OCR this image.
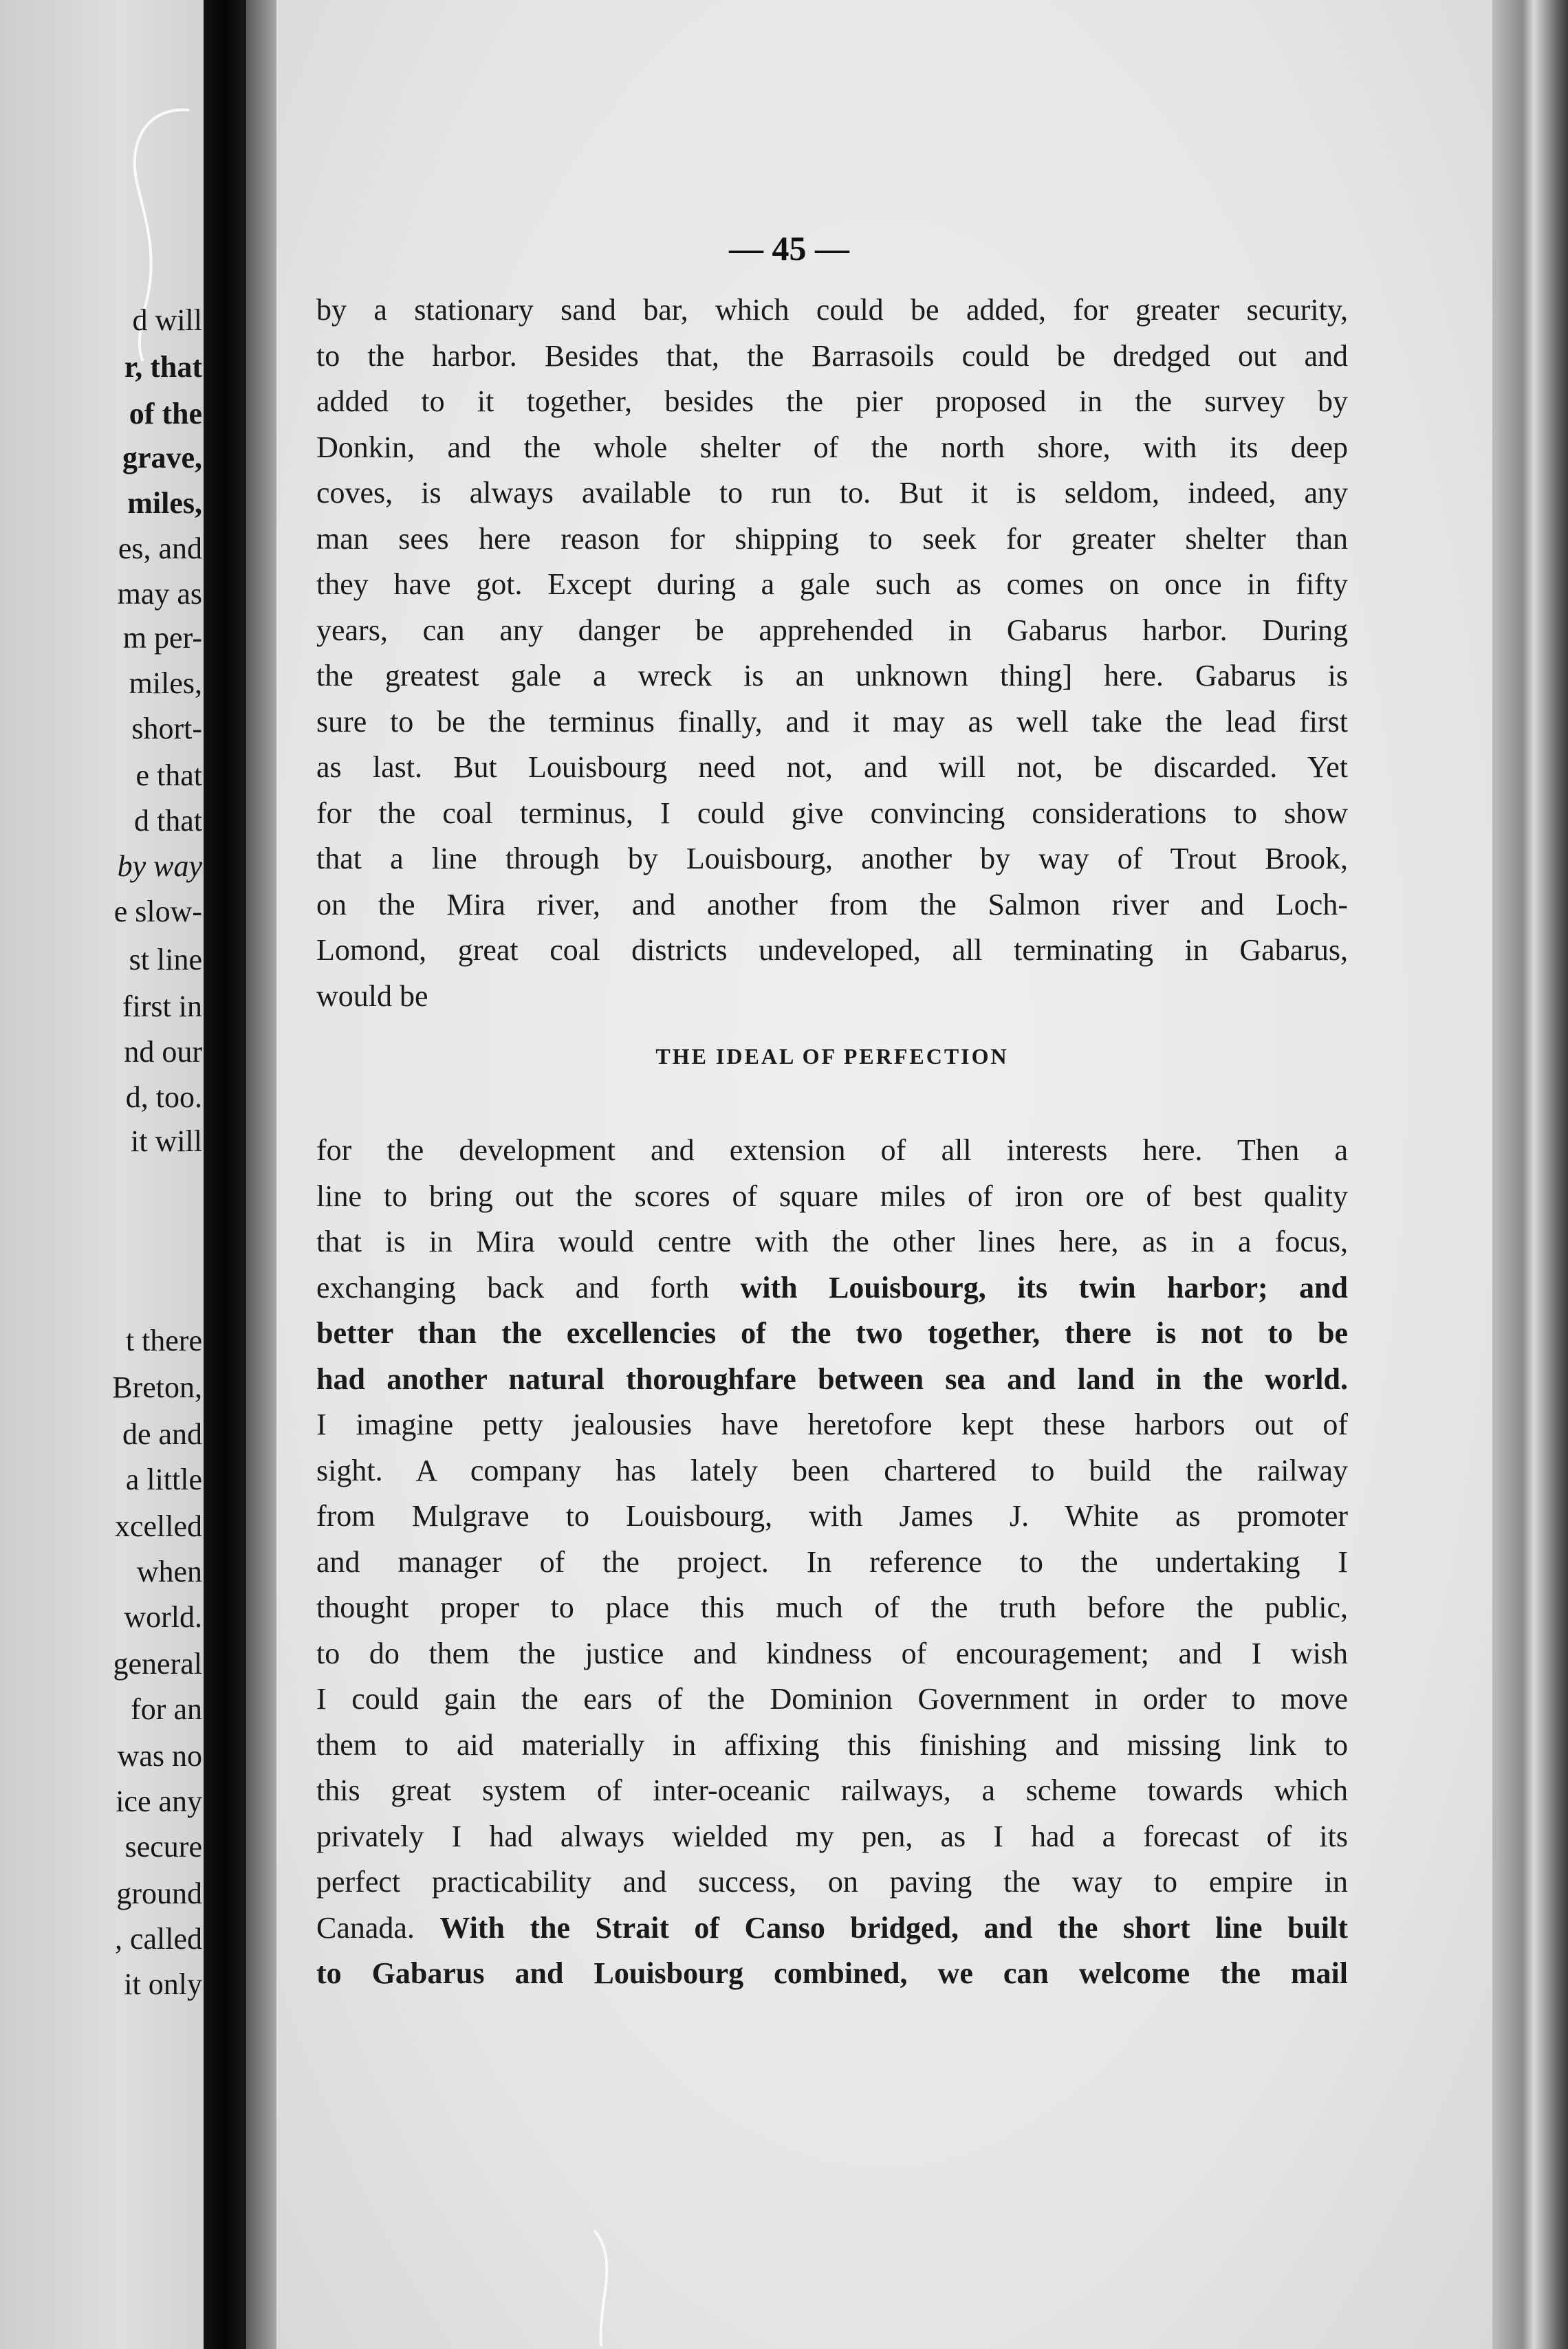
d will
r, that
of the
grave,
miles,
es, and
may as
m per-
miles,
short-
e that
d that
by way
e slow-
st line
first in
nd our
d, too.
it will
t there
Breton,
de and
a little
xcelled
when
world.
general
for an
was no
ice any
secure
ground
, called
it only
— 45 —
by a stationary sand bar, which could be added, for greater security,
to the harbor. Besides that, the Barrasoils could be dredged out and
added to it together, besides the pier proposed in the survey by
Donkin, and the whole shelter of the north shore, with its deep
coves, is always available to run to. But it is seldom, indeed, any
man sees here reason for shipping to seek for greater shelter than
they have got. Except during a gale such as comes on once in fifty
years, can any danger be apprehended in Gabarus harbor. During
the greatest gale a wreck is an unknown thing] here. Gabarus is
sure to be the terminus finally, and it may as well take the lead first
as last. But Louisbourg need not, and will not, be discarded. Yet
for the coal terminus, I could give convincing considerations to show
that a line through by Louisbourg, another by way of Trout Brook,
on the Mira river, and another from the Salmon river and Loch-
Lomond, great coal districts undeveloped, all terminating in Gabarus,
would be
THE IDEAL OF PERFECTION
for the development and extension of all interests here. Then a
line to bring out the scores of square miles of iron ore of best quality
that is in Mira would centre with the other lines here, as in a focus,
exchanging back and forth with Louisbourg, its twin harbor; and
better than the excellencies of the two together, there is not to be
had another natural thoroughfare between sea and land in the world.
I imagine petty jealousies have heretofore kept these harbors out of
sight. A company has lately been chartered to build the railway
from Mulgrave to Louisbourg, with James J. White as promoter
and manager of the project. In reference to the undertaking I
thought proper to place this much of the truth before the public,
to do them the justice and kindness of encouragement; and I wish
I could gain the ears of the Dominion Government in order to move
them to aid materially in affixing this finishing and missing link to
this great system of inter-oceanic railways, a scheme towards which
privately I had always wielded my pen, as I had a forecast of its
perfect practicability and success, on paving the way to empire in
Canada. With the Strait of Canso bridged, and the short line built
to Gabarus and Louisbourg combined, we can welcome the mail
